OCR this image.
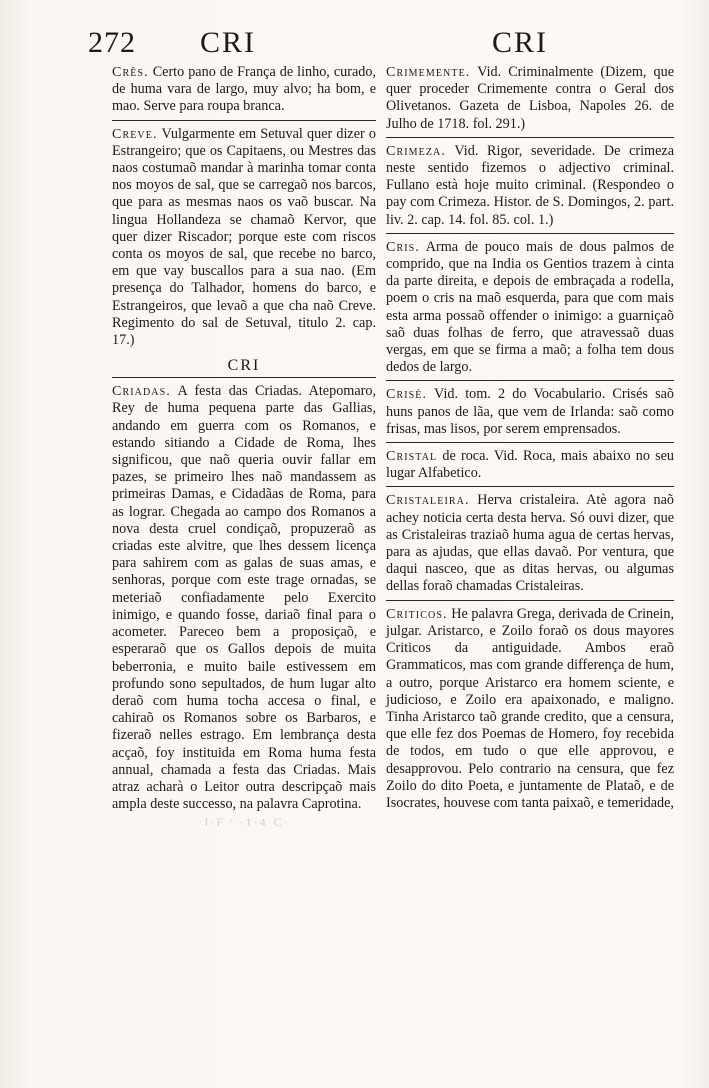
272 CRI	CRI

Crês. Certo pano de França de linho, curado, de huma vara de largo, muy alvo; ha bom, e mao. Serve para roupa branca.

Creve. Vulgarmente em Setuval quer dizer o Estrangeiro; que os Capitaens, ou Mestres das naos costumaõ mandar à marinha tomar conta nos moyos de sal, que se carregaõ nos barcos, que para as mesmas naos os vaõ buscar. Na lingua Hollandeza se chamaõ Kervor, que quer dizer Riscador; porque este com riscos conta os moyos de sal, que recebe no barco, em que vay buscallos para a sua nao. (Em presença do Talhador, homens do barco, e Estrangeiros, que levaõ a que cha naõ Creve. Regimento do sal de Setuval, titulo 2. cap. 17.)

CRI

Criadas. A festa das Criadas. Atepomaro, Rey de huma pequena parte das Gallias, andando em guerra com os Romanos, e estando sitiando a Cidade de Roma, lhes significou, que naõ queria ouvir fallar em pazes, se primeiro lhes naõ mandassem as primeiras Damas, e Cidadãas de Roma, para as lograr. Chegada ao campo dos Romanos a nova desta cruel condiçaõ, propuzeraõ as criadas este alvitre, que lhes dessem licença para sahirem com as galas de suas amas, e senhoras, porque com este trage ornadas, se meteriaõ confiadamente pelo Exercito inimigo, e quando fosse, dariaõ final para o acometer. Pareceo bem a proposiçaõ, e esperaraõ que os Gallos depois de muita beberronia, e muito baile estivessem em profundo sono sepultados, de hum lugar alto deraõ com huma tocha accesa o final, e cahiraõ os Romanos sobre os Barbaros, e fizeraõ nelles estrago. Em lembrança desta acçaõ, foy instituida em Roma huma festa annual, chamada a festa das Criadas. Mais atraz acharà o Leitor outra descripçaõ mais ampla deste successo, na palavra Caprotina.

·I·F ˢ ·1·4·C·

Crimemente. Vid. Criminalmente (Dizem, que quer proceder Crimemente contra o Geral dos Olivetanos. Gazeta de Lisboa, Napoles 26. de Julho de 1718. fol. 291.)

Crimeza. Vid. Rigor, severidade. De crimeza neste sentido fizemos o adjectivo criminal. Fullano està hoje muito criminal. (Respondeo o pay com Crimeza. Histor. de S. Domingos, 2. part. liv. 2. cap. 14. fol. 85. col. 1.)

Cris. Arma de pouco mais de dous palmos de comprido, que na India os Gentios trazem à cinta da parte direita, e depois de embraçada a rodella, poem o cris na maõ esquerda, para que com mais esta arma possaõ offender o inimigo: a guarniçaõ saõ duas folhas de ferro, que atravessaõ duas vergas, em que se firma a maõ; a folha tem dous dedos de largo.

Crisé. Vid. tom. 2 do Vocabulario. Crisés saõ huns panos de lãa, que vem de Irlanda: saõ como frisas, mas lisos, por serem emprensados.

Cristal de roca. Vid. Roca, mais abaixo no seu lugar Alfabetico.

Cristaleira. Herva cristaleira. Atè agora naõ achey noticia certa desta herva. Só ouvi dizer, que as Cristaleiras traziaõ huma agua de certas hervas, para as ajudas, que ellas davaõ. Por ventura, que daqui nasceo, que as ditas hervas, ou algumas dellas foraõ chamadas Cristaleiras.

Criticos. He palavra Grega, derivada de Crinein, julgar. Aristarco, e Zoilo foraõ os dous mayores Criticos da antiguidade. Ambos eraõ Grammaticos, mas com grande differença de hum, a outro, porque Aristarco era homem sciente, e judicioso, e Zoilo era apaixonado, e maligno. Tinha Aristarco taõ grande credito, que a censura, que elle fez dos Poemas de Homero, foy recebida de todos, em tudo o que elle approvou, e desapprovou. Pelo contrario na censura, que fez Zoilo do dito Poeta, e juntamente de Plataõ, e de Isocrates, houvese com tanta paixaõ, e temeridade,
